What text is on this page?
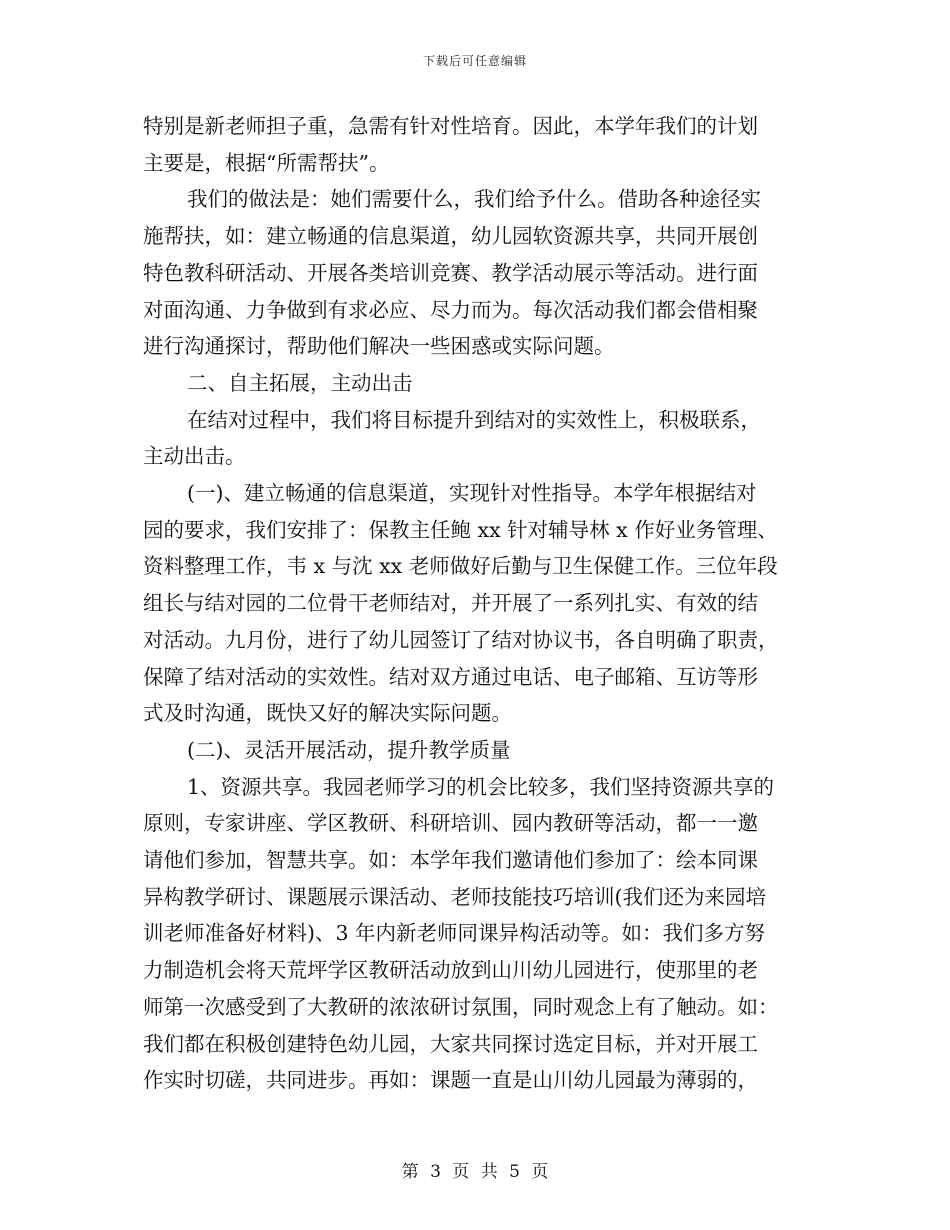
下载后可任意编辑
特别是新老师担子重，急需有针对性培育。因此，本学年我们的计划
主要是，根据“所需帮扶”。
我们的做法是：她们需要什么，我们给予什么。借助各种途径实
施帮扶，如：建立畅通的信息渠道，幼儿园软资源共享，共同开展创
特色教科研活动、开展各类培训竞赛、教学活动展示等活动。进行面
对面沟通、力争做到有求必应、尽力而为。每次活动我们都会借相聚
进行沟通探讨，帮助他们解决一些困惑或实际问题。
二、自主拓展，主动出击
在结对过程中，我们将目标提升到结对的实效性上，积极联系，
主动出击。
(一)、建立畅通的信息渠道，实现针对性指导。本学年根据结对
园的要求，我们安排了：保教主任鲍 xx 针对辅导林 x 作好业务管理、
资料整理工作，韦 x 与沈 xx 老师做好后勤与卫生保健工作。三位年段
组长与结对园的二位骨干老师结对，并开展了一系列扎实、有效的结
对活动。九月份，进行了幼儿园签订了结对协议书，各自明确了职责，
保障了结对活动的实效性。结对双方通过电话、电子邮箱、互访等形
式及时沟通，既快又好的解决实际问题。
(二)、灵活开展活动，提升教学质量
1、资源共享。我园老师学习的机会比较多，我们坚持资源共享的
原则，专家讲座、学区教研、科研培训、园内教研等活动，都一一邀
请他们参加，智慧共享。如：本学年我们邀请他们参加了：绘本同课
异构教学研讨、课题展示课活动、老师技能技巧培训(我们还为来园培
训老师准备好材料)、3 年内新老师同课异构活动等。如：我们多方努
力制造机会将天荒坪学区教研活动放到山川幼儿园进行，使那里的老
师第一次感受到了大教研的浓浓研讨氛围，同时观念上有了触动。如：
我们都在积极创建特色幼儿园，大家共同探讨选定目标，并对开展工
作实时切磋，共同进步。再如：课题一直是山川幼儿园最为薄弱的，
第 3 页 共 5 页
